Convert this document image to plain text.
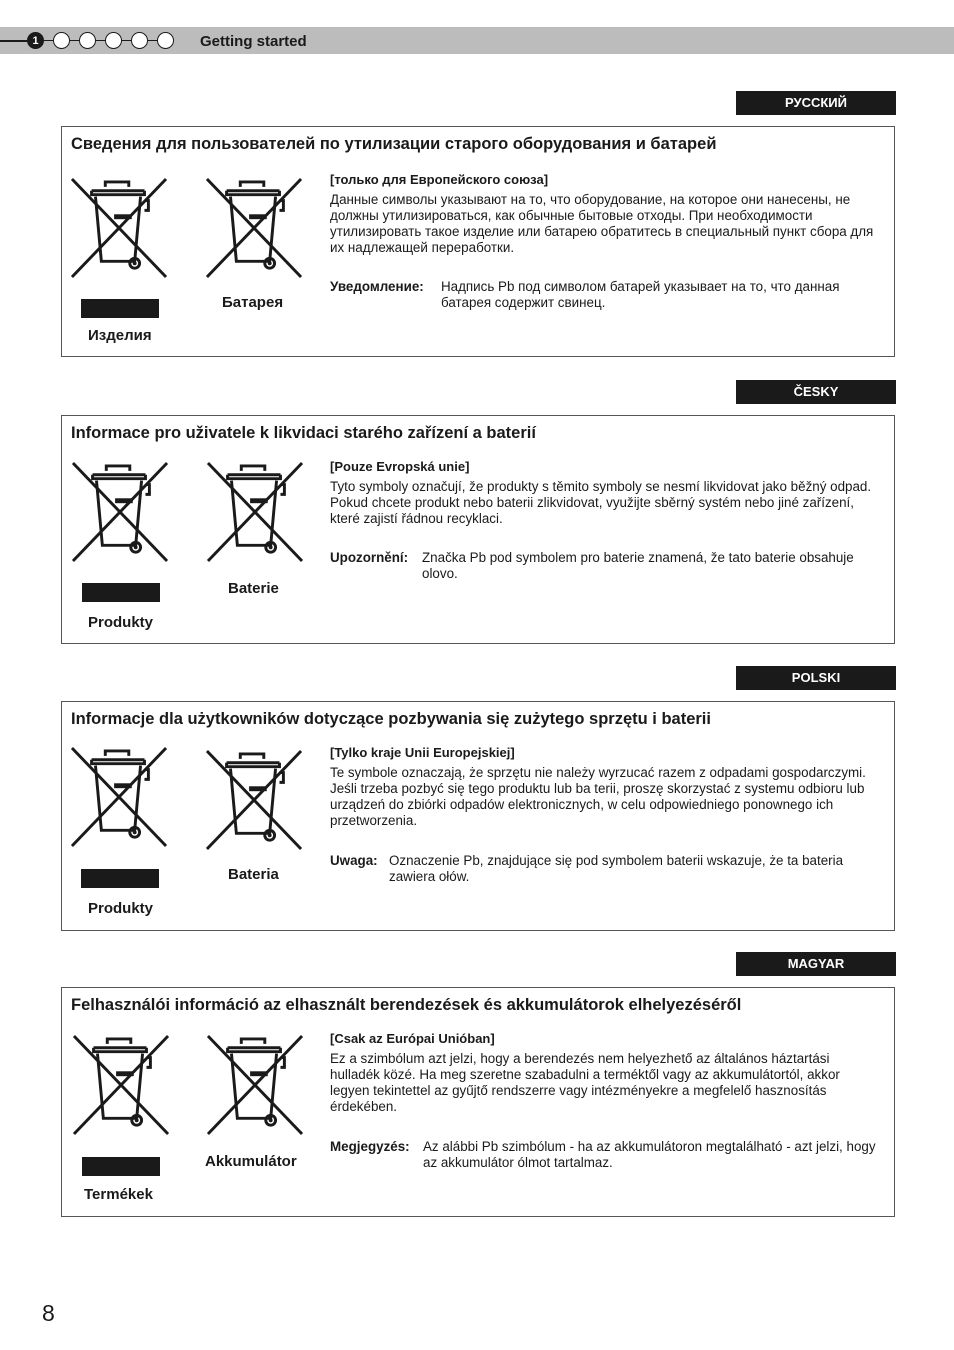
1	Getting started
РУССКИЙ
Сведения для пользователей по утилизации старого оборудования и батарей
Изделия
Батарея
[только для Европейского союза]
Данные символы указывают на то, что оборудование, на которое они нанесены, не должны утилизироваться, как обычные бытовые отходы. При необходимости утилизировать такое изделие или батарею обратитесь в специальный пункт сбора для их надлежащей переработки.
Уведомление: Надпись Pb под символом батарей указывает на то, что данная батарея содержит свинец.
ČESKY
Informace pro uživatele k likvidaci starého zařízení a baterií
Produkty
Baterie
[Pouze Evropská unie]
Tyto symboly označují, že produkty s těmito symboly se nesmí likvidovat jako běžný odpad. Pokud chcete produkt nebo baterii zlikvidovat, využijte sběrný systém nebo jiné zařízení, které zajistí řádnou recyklaci.
Upozornění: Značka Pb pod symbolem pro baterie znamená, že tato baterie obsahuje olovo.
POLSKI
Informacje dla użytkowników dotyczące pozbywania się zużytego sprzętu i baterii
Produkty
Bateria
[Tylko kraje Unii Europejskiej]
Te symbole oznaczają, że sprzętu nie należy wyrzucać razem z odpadami gospodarczymi. Jeśli trzeba pozbyć się tego produktu lub ba terii, proszę skorzystać z systemu odbioru lub urządzeń do zbiórki odpadów elektronicznych, w celu odpowiedniego ponownego ich przetworzenia.
Uwaga: Oznaczenie Pb, znajdujące się pod symbolem baterii wskazuje, że ta bateria zawiera ołów.
MAGYAR
Felhasználói információ az elhasznált berendezések és akkumulátorok elhelyezéséről
Termékek
Akkumulátor
[Csak az Európai Unióban]
Ez a szimbólum azt jelzi, hogy a berendezés nem helyezhető az általános háztartási hulladék közé. Ha meg szeretne szabadulni a terméktől vagy az akkumulátortól, akkor legyen tekintettel az gyűjtő rendszerre vagy intézményekre a megfelelő hasznosítás érdekében.
Megjegyzés: Az alábbi Pb szimbólum - ha az akkumulátoron megtalálható - azt jelzi, hogy az akkumulátor ólmot tartalmaz.
8
